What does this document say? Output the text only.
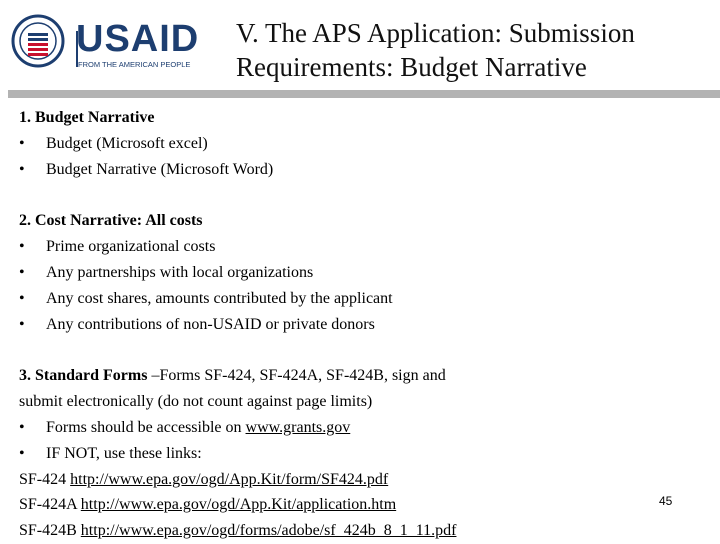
USAID
FROM THE AMERICAN PEOPLE
V. The APS Application: Submission
Requirements: Budget Narrative
1. Budget Narrative
• Budget (Microsoft excel)
• Budget Narrative (Microsoft Word)
2. Cost Narrative: All costs
• Prime organizational costs
• Any partnerships with local organizations
• Any cost shares, amounts contributed by the applicant
• Any contributions of non-USAID or private donors
3. Standard Forms –Forms SF-424, SF-424A, SF-424B, sign and
submit electronically (do not count against page limits)
• Forms should be accessible on www.grants.gov
• IF NOT, use these links:
SF-424 http://www.epa.gov/ogd/App.Kit/form/SF424.pdf
SF-424A http://www.epa.gov/ogd/App.Kit/application.htm
SF-424B http://www.epa.gov/ogd/forms/adobe/sf_424b_8_1_11.pdf
45
